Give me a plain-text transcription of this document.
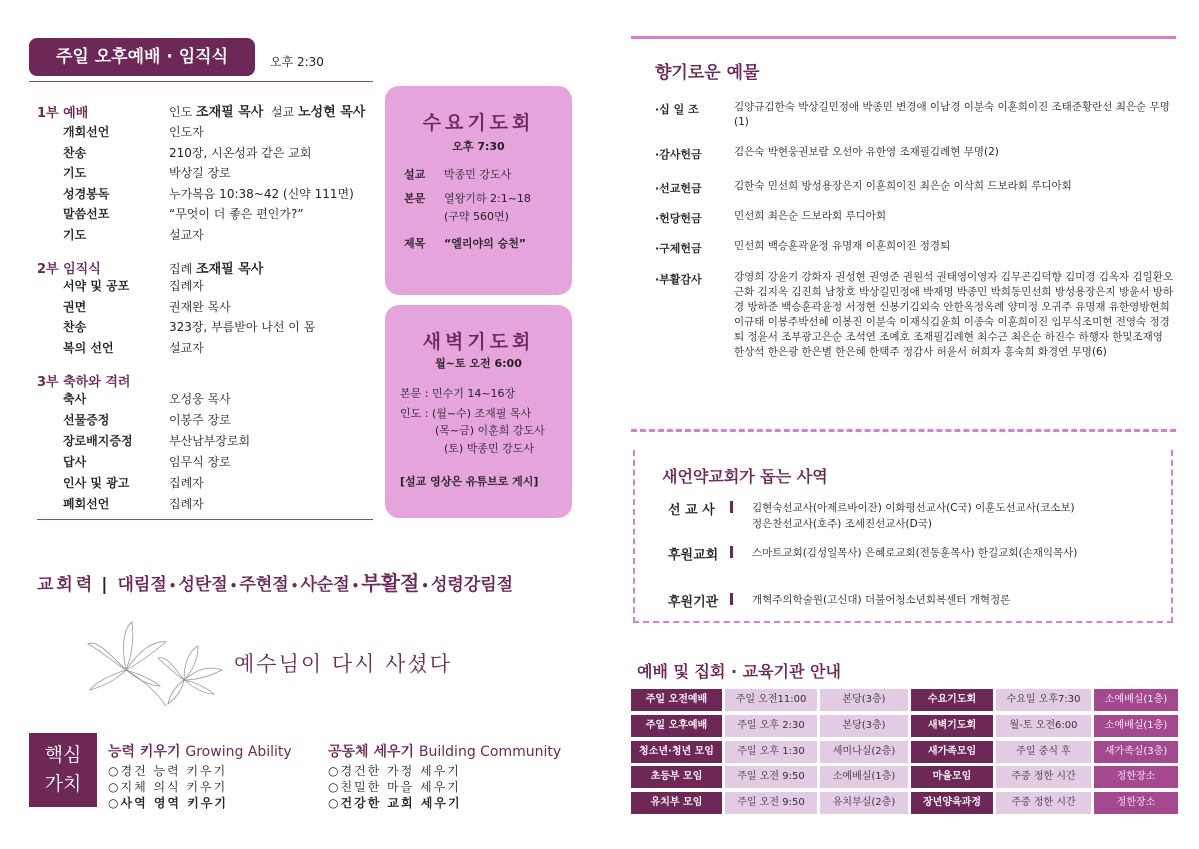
주일 오후예배 · 임직식	오후 2:30
1부 예배	인도 조재필 목사 설교 노성현 목사
2부 임직식	집례 조재필 목사
3부 축하와 격려
수요기도회
오후 7:30
설교 박종민 강도사
본문 열왕기하 2:1~18
(구약 560면)
제목 “엘리야의 승천”
새벽기도회
월~토 오전 6:00
본문 : 민수기 14~16장
인도 : (월~수) 조재필 목사
(목~금) 이훈희 강도사
(토) 박종민 강도사
[설교 영상은 유튜브로 게시]
교회력 | 대림절 • 성탄절 • 주현절 • 사순절 • 부활절 • 성령강림절
예수님이 다시 사셨다
핵심
가치
능력 키우기 Growing Ability
○경건 능력 키우기
○지체 의식 키우기
○사역 영역 키우기
공동체 세우기 Building Community
○경건한 가정 세우기
○친밀한 마을 세우기
○건강한 교회 세우기
향기로운 예물
새언약교회가 돕는 사역
예배 및 집회 · 교육기관 안내
개회선언	인도자
찬송	210장, 시온성과 같은 교회
기도	박상길 장로
성경봉독	누가복음 10:38~42 (신약 111면)
말씀선포	“무엇이 더 좋은 편인가?”
기도	설교자
서약 및 공포	집례자
권면	권재완 목사
찬송	323장, 부름받아 나선 이 몸
복의 선언	설교자
축사	오성웅 목사
선물증정	이봉주 장로
장로배지증정	부산남부장로회
답사	임무식 장로
인사 및 광고	집례자
폐회선언	집례자
·십 일 조	김양규김한숙 박상길민정애 박종민 변경애 이남경 이분숙 이훈희이진 조태준황란선 최은순 무명(1)
·감사헌금	김은숙 박현웅권보람 오선아 유한영 조재필김례현 무명(2)
·선교헌금	김한숙 민선희 방성용장은지 이훈희이진 최은순 이삭희 드보라회 루디아회
·헌당헌금	민선희 최은순 드보라회 루디아회
·구제헌금	민선희 백승훈곽윤정 유명재 이훈희이진 정경퇴
·부활감사	강영희 강윤기 강화자 권성현 권영준 권원석 권태영이영자 김무곤김덕향 김미경 김옥자 김일환오근화 김지옥 김진희 남창호 박상길민정애 박재명 박종민 박희동민선희 방성용장은지 방윤서 방하경 방하준 백승훈곽윤정 서정현 신봉기김외숙 안한옥정옥례 양미정 오귀주 유명재 유한영방현희 이규태 이봉주박선혜 이봉진 이분숙 이재식김윤희 이종숙 이훈희이진 임무식조미현 전영숙 정경퇴 정윤서 조부광고은순 조석연 조예호 조재필김례현 최수근 최은순 하진수 하행자 한및조재영 한상석 한은광 한은별 한은혜 한택주 정감사 허윤서 허희자 홍숙희 화경연 무명(6)
선 교 사	김현숙선교사(아제르바이잔) 이화평선교사(C국) 이훈도선교사(코소보)
정은찬선교사(호주) 조세진선교사(D국)
후원교회	스마트교회(김성일목사) 은혜로교회(전동훈목사) 한길교회(손재익목사)
후원기관	개혁주의학술원(고신대) 더불어청소년회복센터 개혁정론
주일 오전예배	주일 오전11:00	본당(3층)	수요기도회	수요일 오후7:30	소예배실(1층)
주일 오후예배	주일 오후 2:30	본당(3층)	새벽기도회	월-토 오전6:00	소예배실(1층)
청소년·청년 모임	주일 오후 1:30	세미나실(2층)	새가족모임	주일 중식 후	새가족실(3층)
초등부 모임	주일 오전 9:50	소예배실(1층)	마을모임	주중 정한 시간	정한장소
유치부 모임	주일 오전 9:50	유치부실(2층)	장년양육과정	주중 정한 시간	정한장소
